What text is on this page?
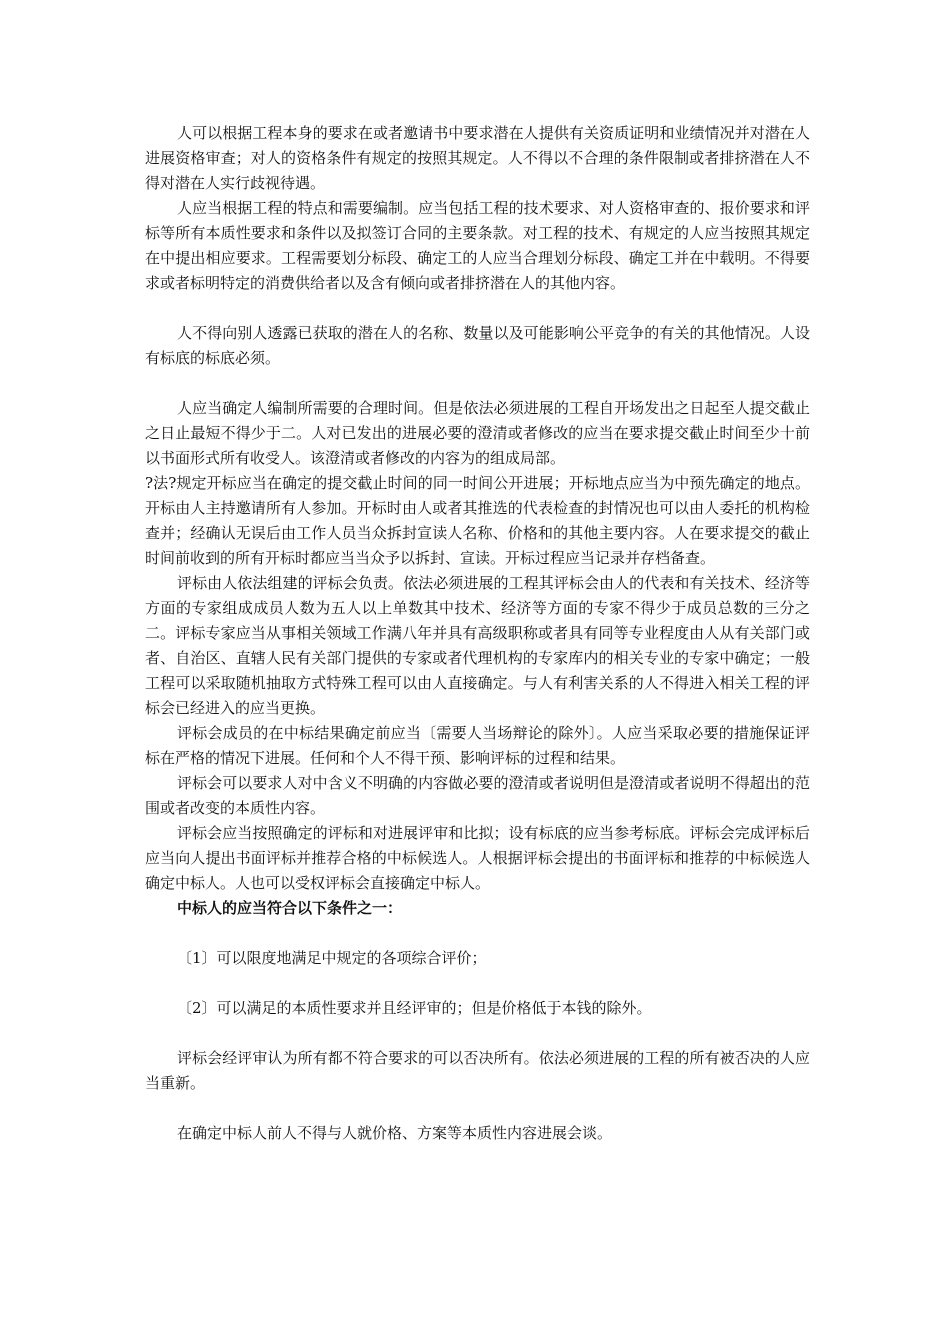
人可以根据工程本身的要求在或者邀请书中要求潜在人提供有关资质证明和业绩情况并对潜在人进展资格审查；对人的资格条件有规定的按照其规定。人不得以不合理的条件限制或者排挤潜在人不得对潜在人实行歧视待遇。

人应当根据工程的特点和需要编制。应当包括工程的技术要求、对人资格审查的、报价要求和评标等所有本质性要求和条件以及拟签订合同的主要条款。对工程的技术、有规定的人应当按照其规定在中提出相应要求。工程需要划分标段、确定工的人应当合理划分标段、确定工并在中载明。不得要求或者标明特定的消费供给者以及含有倾向或者排挤潜在人的其他内容。

人不得向别人透露已获取的潜在人的名称、数量以及可能影响公平竞争的有关的其他情况。人设有标底的标底必须。

人应当确定人编制所需要的合理时间。但是依法必须进展的工程自开场发出之日起至人提交截止之日止最短不得少于二。人对已发出的进展必要的澄清或者修改的应当在要求提交截止时间至少十前以书面形式所有收受人。该澄清或者修改的内容为的组成局部。

?法?规定开标应当在确定的提交截止时间的同一时间公开进展；开标地点应当为中预先确定的地点。开标由人主持邀请所有人参加。开标时由人或者其推选的代表检查的封情况也可以由人委托的机构检查并；经确认无误后由工作人员当众拆封宣读人名称、价格和的其他主要内容。人在要求提交的截止时间前收到的所有开标时都应当当众予以拆封、宣读。开标过程应当记录并存档备查。

评标由人依法组建的评标会负责。依法必须进展的工程其评标会由人的代表和有关技术、经济等方面的专家组成成员人数为五人以上单数其中技术、经济等方面的专家不得少于成员总数的三分之二。评标专家应当从事相关领域工作满八年并具有高级职称或者具有同等专业程度由人从有关部门或者、自治区、直辖人民有关部门提供的专家或者代理机构的专家库内的相关专业的专家中确定；一般工程可以采取随机抽取方式特殊工程可以由人直接确定。与人有利害关系的人不得进入相关工程的评标会已经进入的应当更换。

评标会成员的在中标结果确定前应当〔需要人当场辩论的除外〕。人应当采取必要的措施保证评标在严格的情况下进展。任何和个人不得干预、影响评标的过程和结果。

评标会可以要求人对中含义不明确的内容做必要的澄清或者说明但是澄清或者说明不得超出的范围或者改变的本质性内容。

评标会应当按照确定的评标和对进展评审和比拟；设有标底的应当参考标底。评标会完成评标后应当向人提出书面评标并推荐合格的中标候选人。人根据评标会提出的书面评标和推荐的中标候选人确定中标人。人也可以受权评标会直接确定中标人。

中标人的应当符合以下条件之一：

〔1〕可以限度地满足中规定的各项综合评价；

〔2〕可以满足的本质性要求并且经评审的；但是价格低于本钱的除外。

评标会经评审认为所有都不符合要求的可以否决所有。依法必须进展的工程的所有被否决的人应当重新。

在确定中标人前人不得与人就价格、方案等本质性内容进展会谈。
